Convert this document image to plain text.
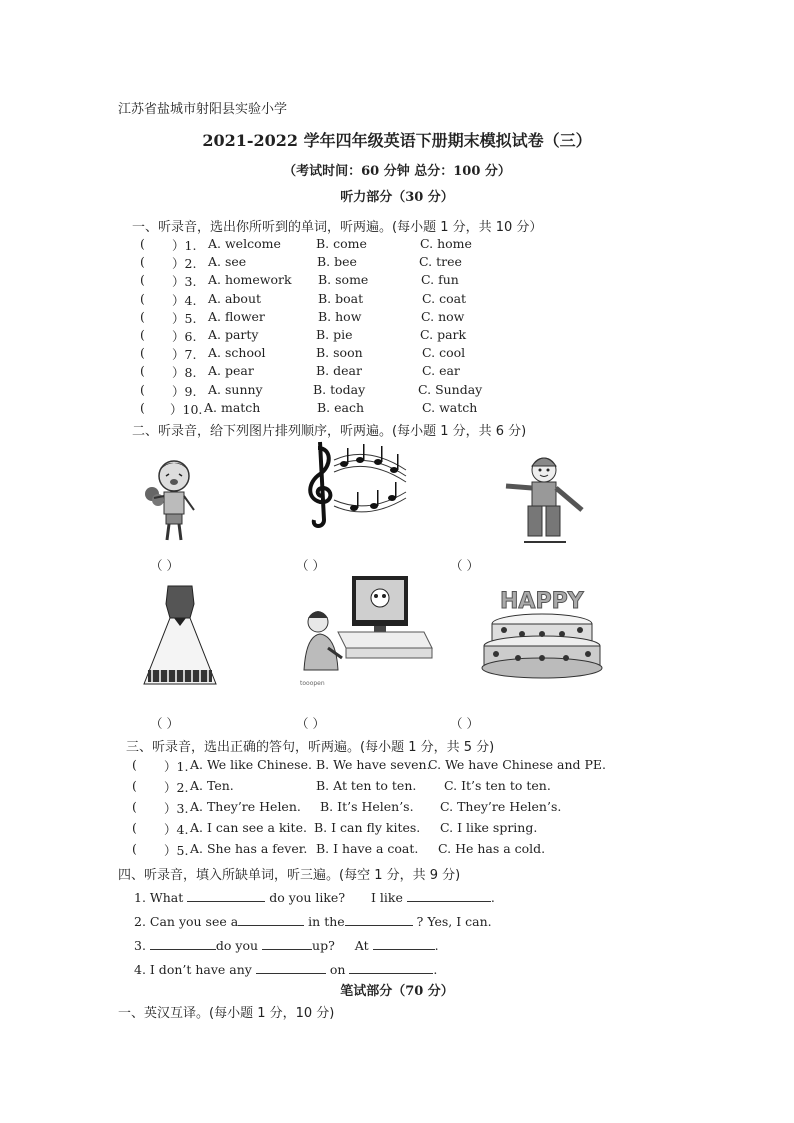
江苏省盐城市射阳县实验小学
2021-2022 学年四年级英语下册期末模拟试卷（三）
（考试时间：60 分钟 总分：100 分）
听力部分（30 分）
一、听录音，选出你所听到的单词，听两遍。(每小题 1 分，共 10 分）
( ）1. A. welcome	B. come	C. home
( ）2. A. see	B. bee	C. tree
( ）3. A. homework B. some	C. fun
( ）4. A. about	B. boat	C. coat
( ）5. A. flower	B. how	C. now
( ）6. A. party	B. pie	C. park
( ）7. A. school	B. soon	C. cool
( ）8. A. pear	B. dear	C. ear
( ）9. A. sunny	B. today	C. Sunday
( ）10. A. match	B. each	C. watch
二、听录音，给下列图片排列顺序，听两遍。(每小题 1 分，共 6 分)
（ ）	（ ）	（ ）
tooopen
HAPPY
（ ）	（ ）	（ ）
三、听录音，选出正确的答句，听两遍。(每小题 1 分，共 5 分)
( ）1. A. We like Chinese. B. We have seven.
C. We have Chinese and PE.
( ）2. A. Ten.	B. At ten to ten. C. It’s ten to ten.
( ）3. A. They’re Helen. B. It’s Helen’s. C. They’re Helen’s.
( ）4. A. I can see a kite. B. I can fly kites. C. I like spring.
( ）5. A. She has a fever. B. I have a coat. C. He has a cold.
四、听录音，填入所缺单词，听三遍。(每空 1 分，共 9 分)
1. What	do you like? I like	.
2. Can you see a	in the	? Yes, I can.
3.	do you	up? At	.
4. I don’t have any	on	.
笔试部分（70 分）
一、英汉互译。(每小题 1 分，10 分)
